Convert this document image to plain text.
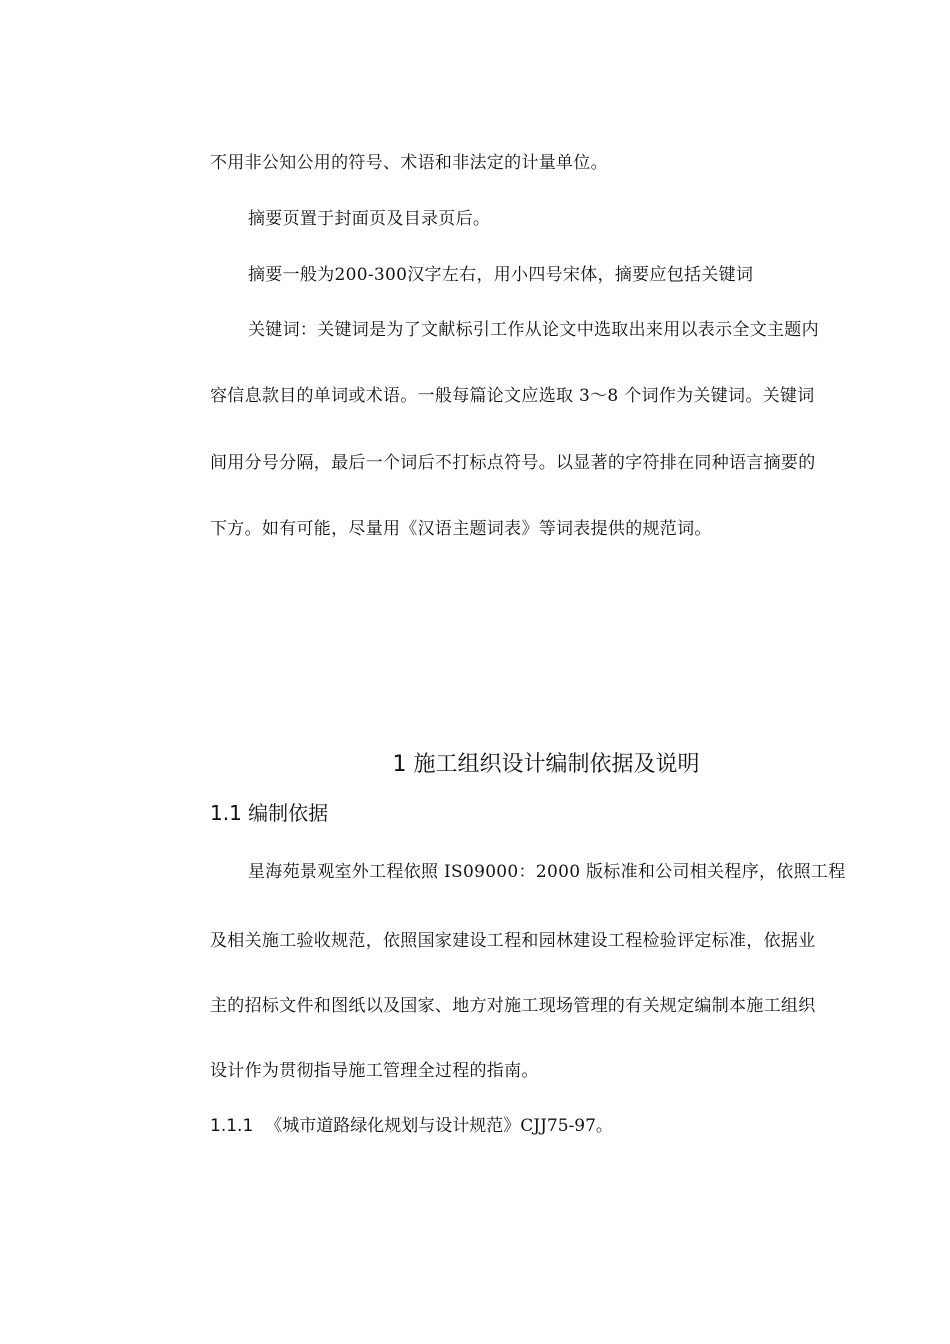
不用非公知公用的符号、术语和非法定的计量单位。
摘要页置于封面页及目录页后。
摘要一般为200-300汉字左右，用小四号宋体，摘要应包括关键词
关键词：关键词是为了文献标引工作从论文中选取出来用以表示全文主题内
容信息款目的单词或术语。一般每篇论文应选取 3～8 个词作为关键词。关键词
间用分号分隔，最后一个词后不打标点符号。以显著的字符排在同种语言摘要的
下方。如有可能，尽量用《汉语主题词表》等词表提供的规范词。
1 施工组织设计编制依据及说明
1.1 编制依据
星海苑景观室外工程依照 IS09000：2000 版标准和公司相关程序，依照工程
及相关施工验收规范，依照国家建设工程和园林建设工程检验评定标准，依据业
主的招标文件和图纸以及国家、地方对施工现场管理的有关规定编制本施工组织
设计作为贯彻指导施工管理全过程的指南。
1.1.1 《城市道路绿化规划与设计规范》CJJ75-97。
